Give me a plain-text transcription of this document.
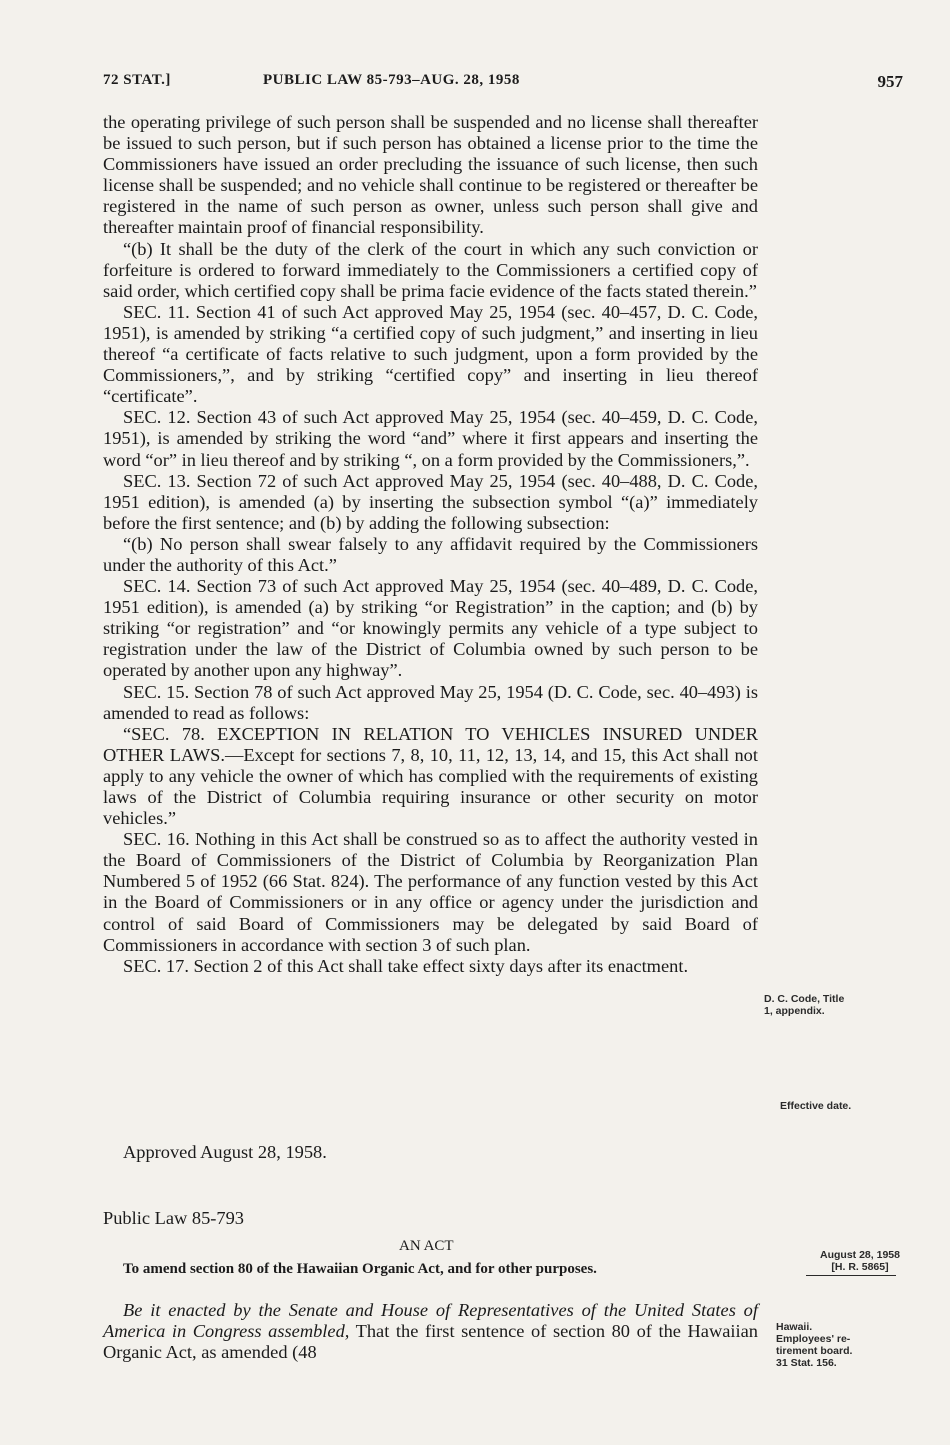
72 STAT.]	PUBLIC LAW 85-793–AUG. 28, 1958	957

the operating privilege of such person shall be suspended and no license shall thereafter be issued to such person, but if such person has obtained a license prior to the time the Commissioners have issued an order precluding the issuance of such license, then such license shall be suspended; and no vehicle shall continue to be registered or thereafter be registered in the name of such person as owner, unless such person shall give and thereafter maintain proof of financial responsibility.

“(b) It shall be the duty of the clerk of the court in which any such conviction or forfeiture is ordered to forward immediately to the Commissioners a certified copy of said order, which certified copy shall be prima facie evidence of the facts stated therein.”

SEC. 11. Section 41 of such Act approved May 25, 1954 (sec. 40–457, D. C. Code, 1951), is amended by striking “a certified copy of such judgment,” and inserting in lieu thereof “a certificate of facts relative to such judgment, upon a form provided by the Commissioners,”, and by striking “certified copy” and inserting in lieu thereof “certificate”.

SEC. 12. Section 43 of such Act approved May 25, 1954 (sec. 40–459, D. C. Code, 1951), is amended by striking the word “and” where it first appears and inserting the word “or” in lieu thereof and by striking “, on a form provided by the Commissioners,”.

SEC. 13. Section 72 of such Act approved May 25, 1954 (sec. 40–488, D. C. Code, 1951 edition), is amended (a) by inserting the subsection symbol “(a)” immediately before the first sentence; and (b) by adding the following subsection:

“(b) No person shall swear falsely to any affidavit required by the Commissioners under the authority of this Act.”

SEC. 14. Section 73 of such Act approved May 25, 1954 (sec. 40–489, D. C. Code, 1951 edition), is amended (a) by striking “or Registration” in the caption; and (b) by striking “or registration” and “or knowingly permits any vehicle of a type subject to registration under the law of the District of Columbia owned by such person to be operated by another upon any highway”.

SEC. 15. Section 78 of such Act approved May 25, 1954 (D. C. Code, sec. 40–493) is amended to read as follows:

“SEC. 78. EXCEPTION IN RELATION TO VEHICLES INSURED UNDER OTHER LAWS.—Except for sections 7, 8, 10, 11, 12, 13, 14, and 15, this Act shall not apply to any vehicle the owner of which has complied with the requirements of existing laws of the District of Columbia requiring insurance or other security on motor vehicles.”

SEC. 16. Nothing in this Act shall be construed so as to affect the authority vested in the Board of Commissioners of the District of Columbia by Reorganization Plan Numbered 5 of 1952 (66 Stat. 824). The performance of any function vested by this Act in the Board of Commissioners or in any office or agency under the jurisdiction and control of said Board of Commissioners may be delegated by said Board of Commissioners in accordance with section 3 of such plan.

SEC. 17. Section 2 of this Act shall take effect sixty days after its enactment.

Approved August 28, 1958.
Public Law 85-793
AN ACT
To amend section 80 of the Hawaiian Organic Act, and for other purposes.

Be it enacted by the Senate and House of Representatives of the United States of America in Congress assembled, That the first sentence of section 80 of the Hawaiian Organic Act, as amended (48

D. C. Code, Title
1, appendix.
Effective date.
August 28, 1958
[H. R. 5865]
Hawaii.
Employees' re-
tirement board.
31 Stat. 156.
